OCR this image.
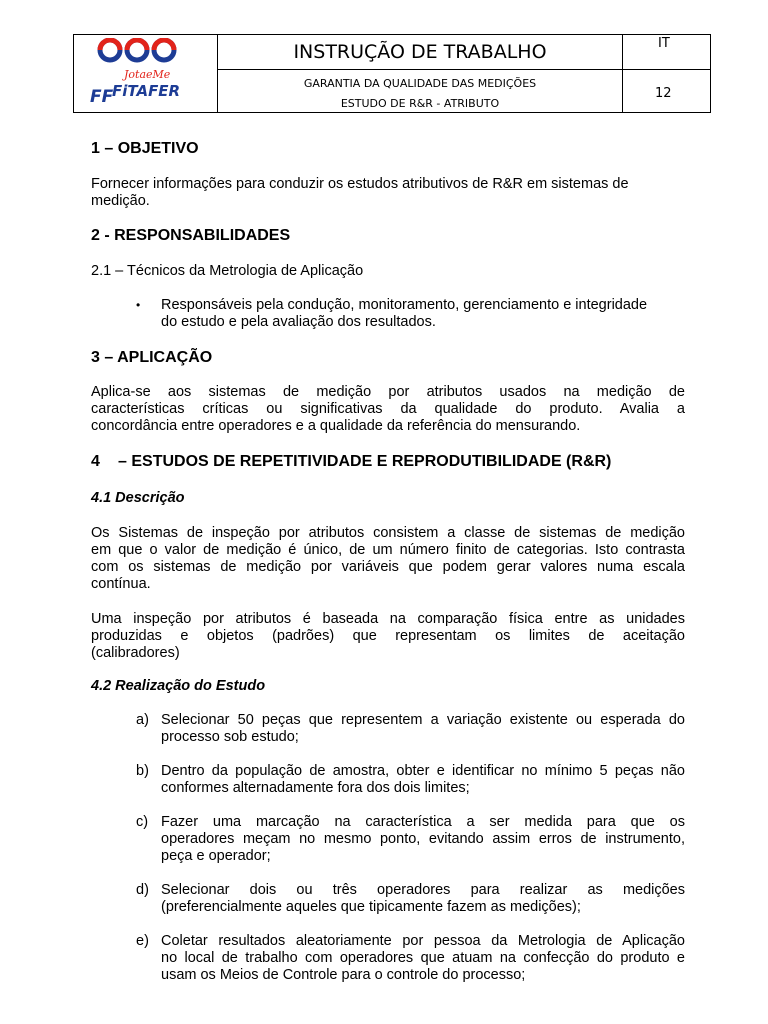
JotaeMe
FF
FiTAFER
INSTRUÇÃO DE TRABALHO
GARANTIA DA QUALIDADE DAS MEDIÇÕES
ESTUDO DE R&R - ATRIBUTO
IT
12
1 – OBJETIVO
Fornecer informações para conduzir os estudos atributivos de R&R em sistemas de
medição.
2 - RESPONSABILIDADES
2.1 – Técnicos da Metrologia de Aplicação
• Responsáveis pela condução, monitoramento, gerenciamento e integridade
do estudo e pela avaliação dos resultados.
3 – APLICAÇÃO
Aplica-se aos sistemas de medição por atributos usados na medição de
características críticas ou significativas da qualidade do produto. Avalia a
concordância entre operadores e a qualidade da referência do mensurando.
4	– ESTUDOS DE REPETITIVIDADE E REPRODUTIBILIDADE (R&R)
4.1 Descrição
Os Sistemas de inspeção por atributos consistem a classe de sistemas de medição
em que o valor de medição é único, de um número finito de categorias. Isto contrasta
com os sistemas de medição por variáveis que podem gerar valores numa escala
contínua.
Uma inspeção por atributos é baseada na comparação física entre as unidades
produzidas e objetos (padrões) que representam os limites de aceitação
(calibradores)
4.2 Realização do Estudo
a) Selecionar 50 peças que representem a variação existente ou esperada do
processo sob estudo;
b) Dentro da população de amostra, obter e identificar no mínimo 5 peças não
conformes alternadamente fora dos dois limites;
c) Fazer uma marcação na característica a ser medida para que os
operadores meçam no mesmo ponto, evitando assim erros de instrumento,
peça e operador;
d) Selecionar dois ou três operadores para realizar as medições
(preferencialmente aqueles que tipicamente fazem as medições);
e) Coletar resultados aleatoriamente por pessoa da Metrologia de Aplicação
no local de trabalho com operadores que atuam na confecção do produto e
usam os Meios de Controle para o controle do processo;
